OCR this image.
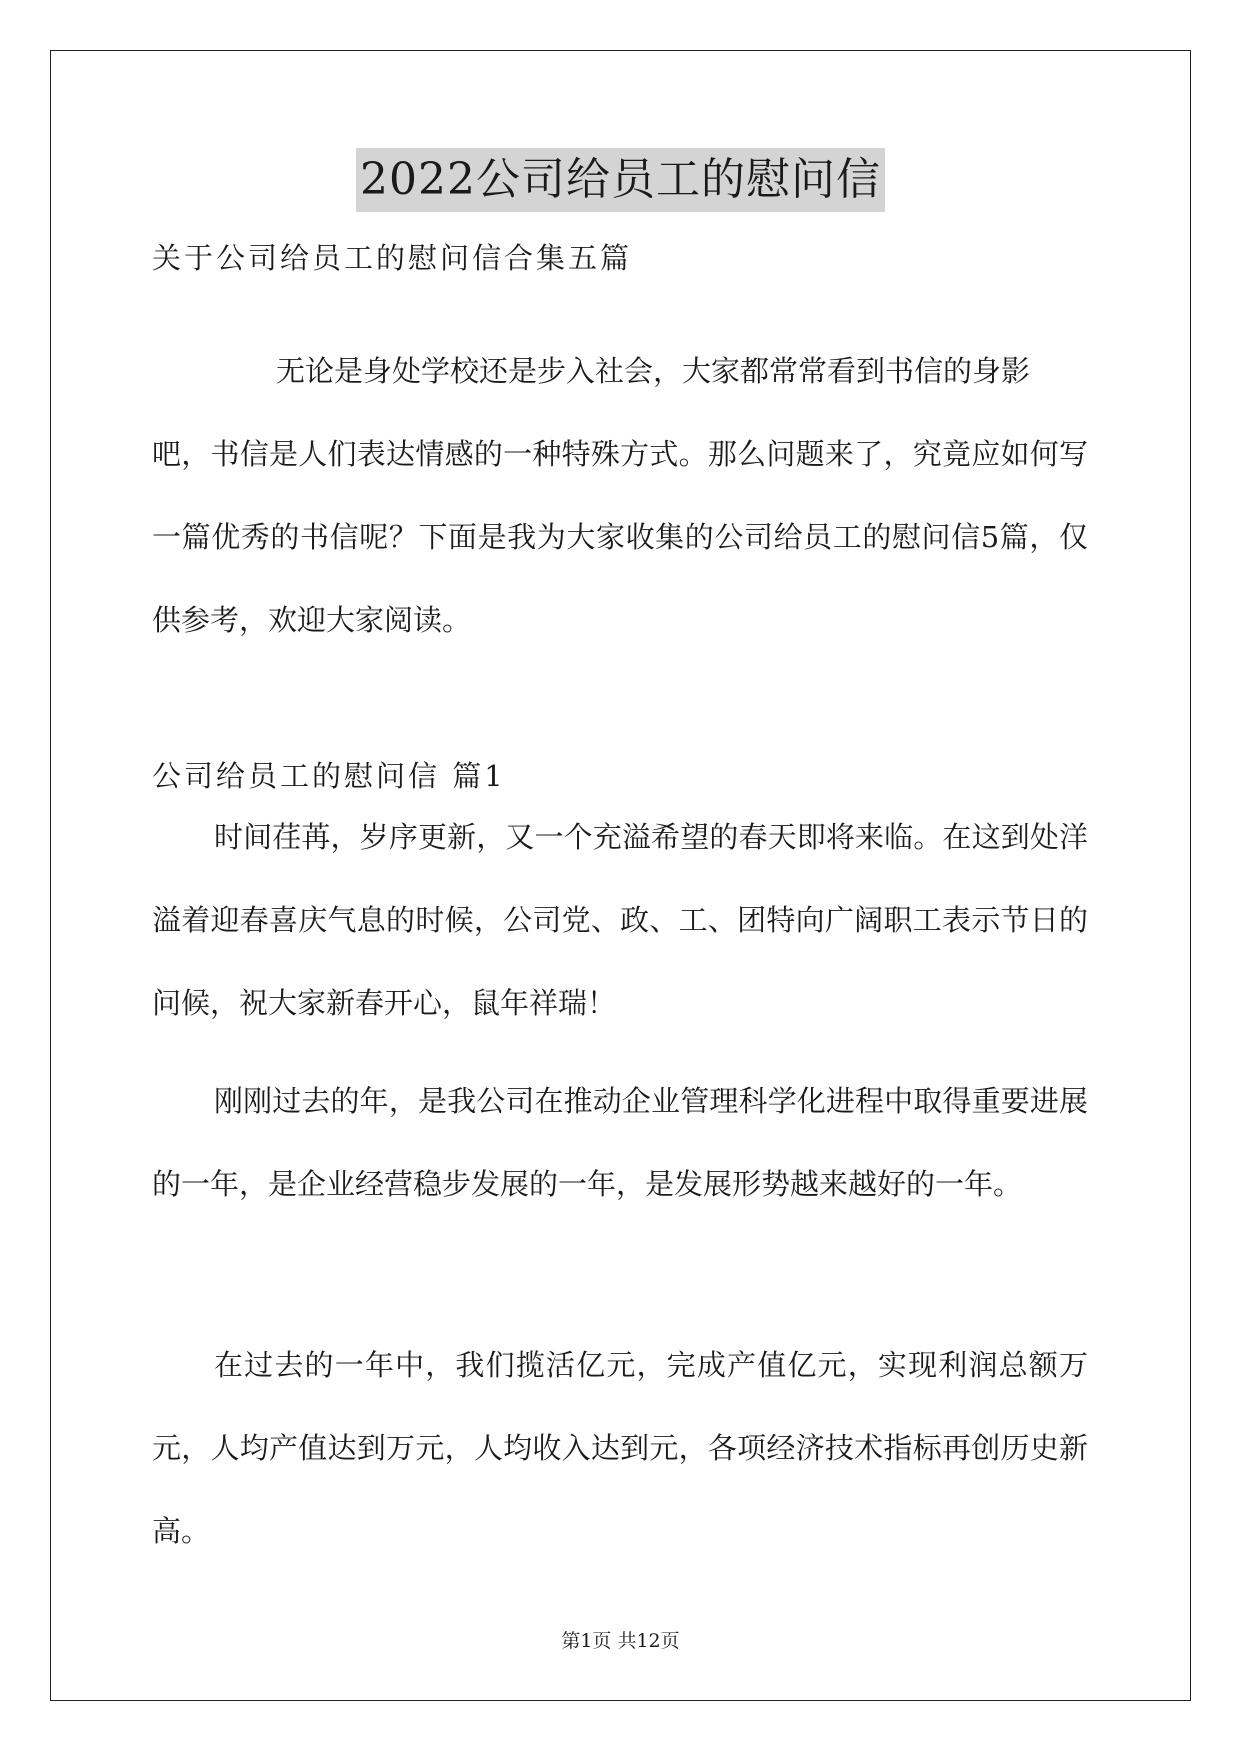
2022公司给员工的慰问信
关于公司给员工的慰问信合集五篇
无论是身处学校还是步入社会，大家都常常看到书信的身影
吧，书信是人们表达情感的一种特殊方式。那么问题来了，究竟应如何写一篇优秀的书信呢？下面是我为大家收集的公司给员工的慰问信5篇，仅供参考，欢迎大家阅读。
公司给员工的慰问信 篇1
时间荏苒，岁序更新，又一个充溢希望的春天即将来临。在这到处洋溢着迎春喜庆气息的时候，公司党、政、工、团特向广阔职工表示节日的问候，祝大家新春开心，鼠年祥瑞！
刚刚过去的年，是我公司在推动企业管理科学化进程中取得重要进展的一年，是企业经营稳步发展的一年，是发展形势越来越好的一年。
在过去的一年中，我们揽活亿元，完成产值亿元，实现利润总额万元，人均产值达到万元，人均收入达到元，各项经济技术指标再创历史新高。
第1页 共12页
